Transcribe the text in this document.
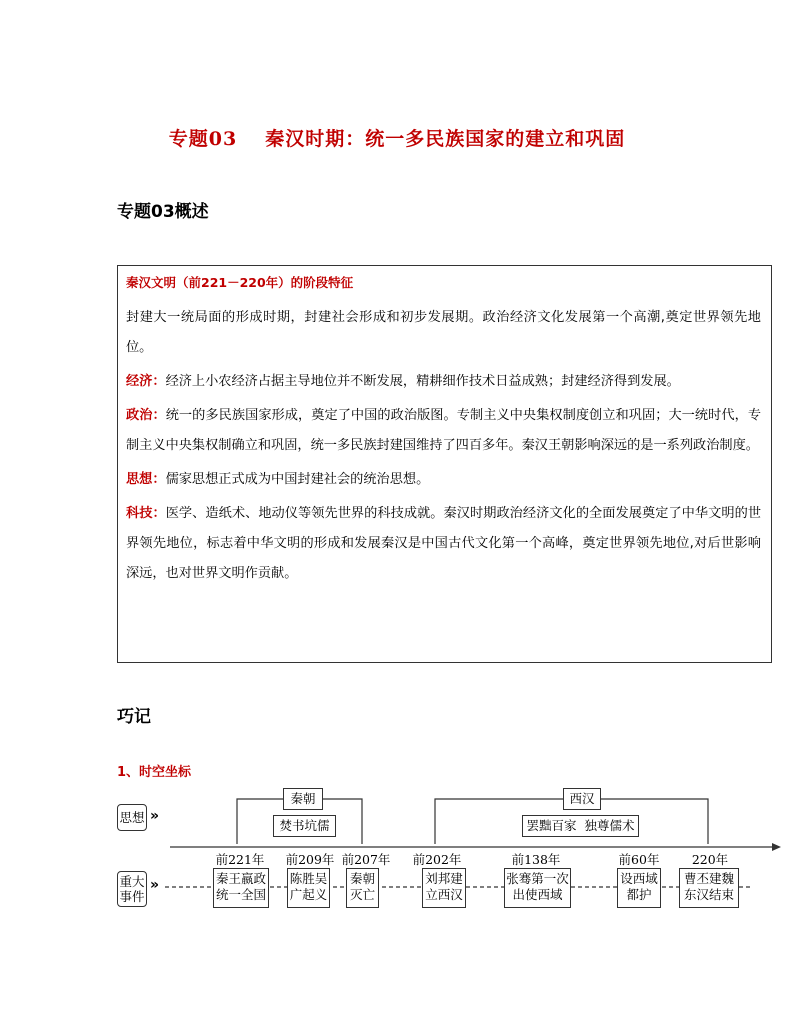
专题03 秦汉时期：统一多民族国家的建立和巩固
专题03概述
秦汉文明（前221－220年）的阶段特征
封建大一统局面的形成时期，封建社会形成和初步发展期。政治经济文化发展第一个高潮,奠定世界领先地位。
经济：经济上小农经济占据主导地位并不断发展，精耕细作技术日益成熟；封建经济得到发展。
政治：统一的多民族国家形成，奠定了中国的政治版图。专制主义中央集权制度创立和巩固；大一统时代，专制主义中央集权制确立和巩固，统一多民族封建国维持了四百多年。秦汉王朝影响深远的是一系列政治制度。
思想：儒家思想正式成为中国封建社会的统治思想。
科技：医学、造纸术、地动仪等领先世界的科技成就。秦汉时期政治经济文化的全面发展奠定了中华文明的世界领先地位，标志着中华文明的形成和发展秦汉是中国古代文化第一个高峰，奠定世界领先地位,对后世影响深远，也对世界文明作贡献。
巧记
1、时空坐标
思想 »
重大事件
»
秦朝
焚书坑儒
西汉
罢黜百家  独尊儒术
前221年	前209年 前207年	前202年	前138年	前60年	220年
秦王嬴政统一全国
陈胜吴广起义
秦朝灭亡
刘邦建立西汉
张骞第一次出使西域
设西域都护
曹丕建魏东汉结束
